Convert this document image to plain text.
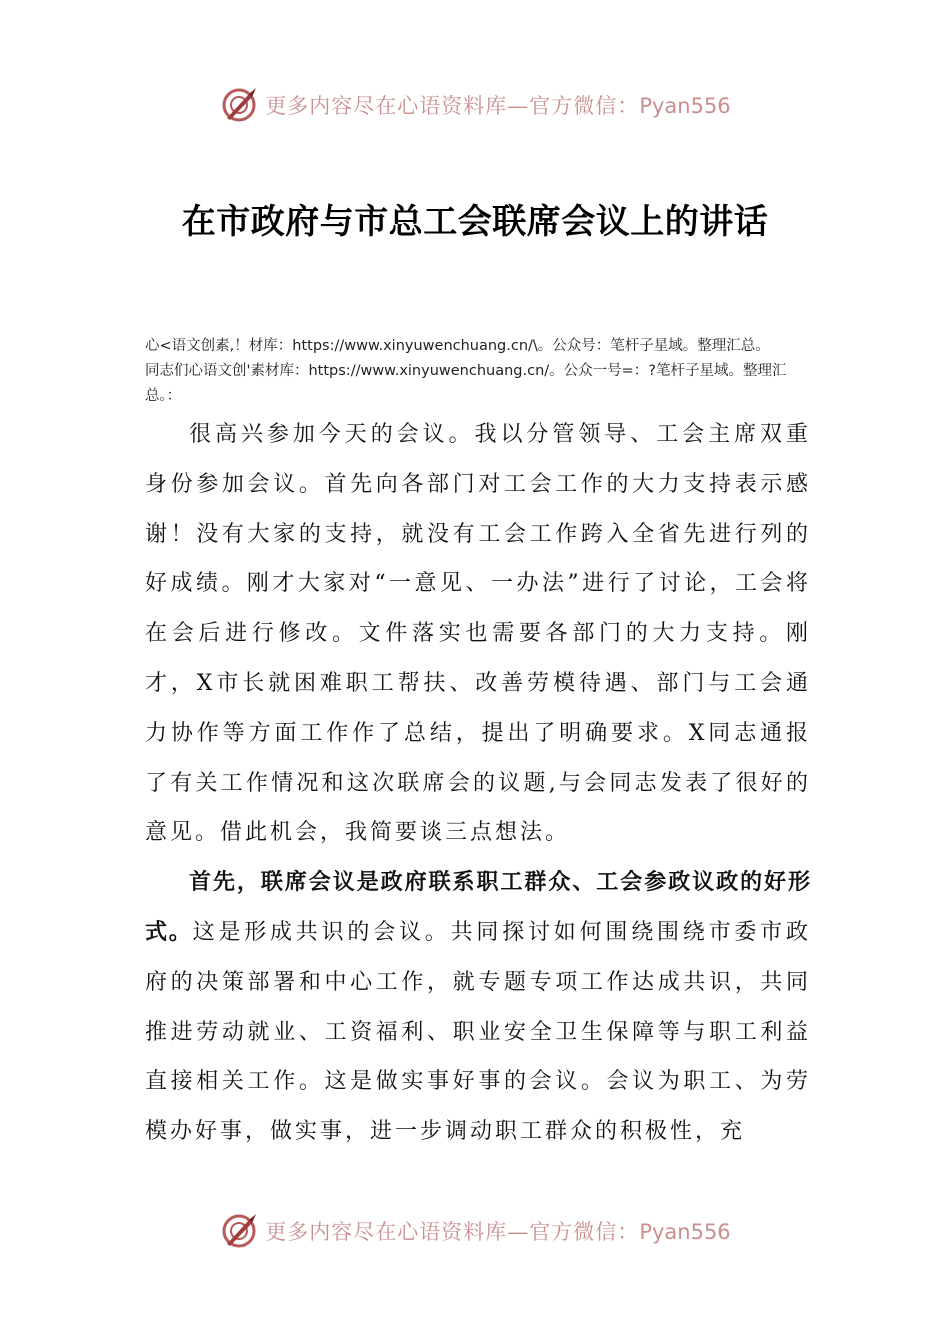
更多内容尽在心语资料库—官方微信：Pyan556
在市政府与市总工会联席会议上的讲话

心<语文创素,！材库：https://www.xinyuwenchuang.cn/\。公众号：笔杆子星域。整理汇总。

同志们心语文创'素材库：https://www.xinyuwenchuang.cn/。公众一号=：?笔杆子星域。整理汇总。：

很高兴参加今天的会议。我以分管领导、工会主席双重身份参加会议。首先向各部门对工会工作的大力支持表示感谢！没有大家的支持，就没有工会工作跨入全省先进行列的好成绩。刚才大家对“一意见、一办法”进行了讨论，工会将在会后进行修改。文件落实也需要各部门的大力支持。刚才，X市长就困难职工帮扶、改善劳模待遇、部门与工会通力协作等方面工作作了总结，提出了明确要求。X同志通报了有关工作情况和这次联席会的议题,与会同志发表了很好的意见。借此机会，我简要谈三点想法。

首先，联席会议是政府联系职工群众、工会参政议政的好形式。这是形成共识的会议。共同探讨如何围绕围绕市委市政府的决策部署和中心工作，就专题专项工作达成共识，共同推进劳动就业、工资福利、职业安全卫生保障等与职工利益直接相关工作。这是做实事好事的会议。会议为职工、为劳模办好事，做实事，进一步调动职工群众的积极性，充

更多内容尽在心语资料库—官方微信：Pyan556
